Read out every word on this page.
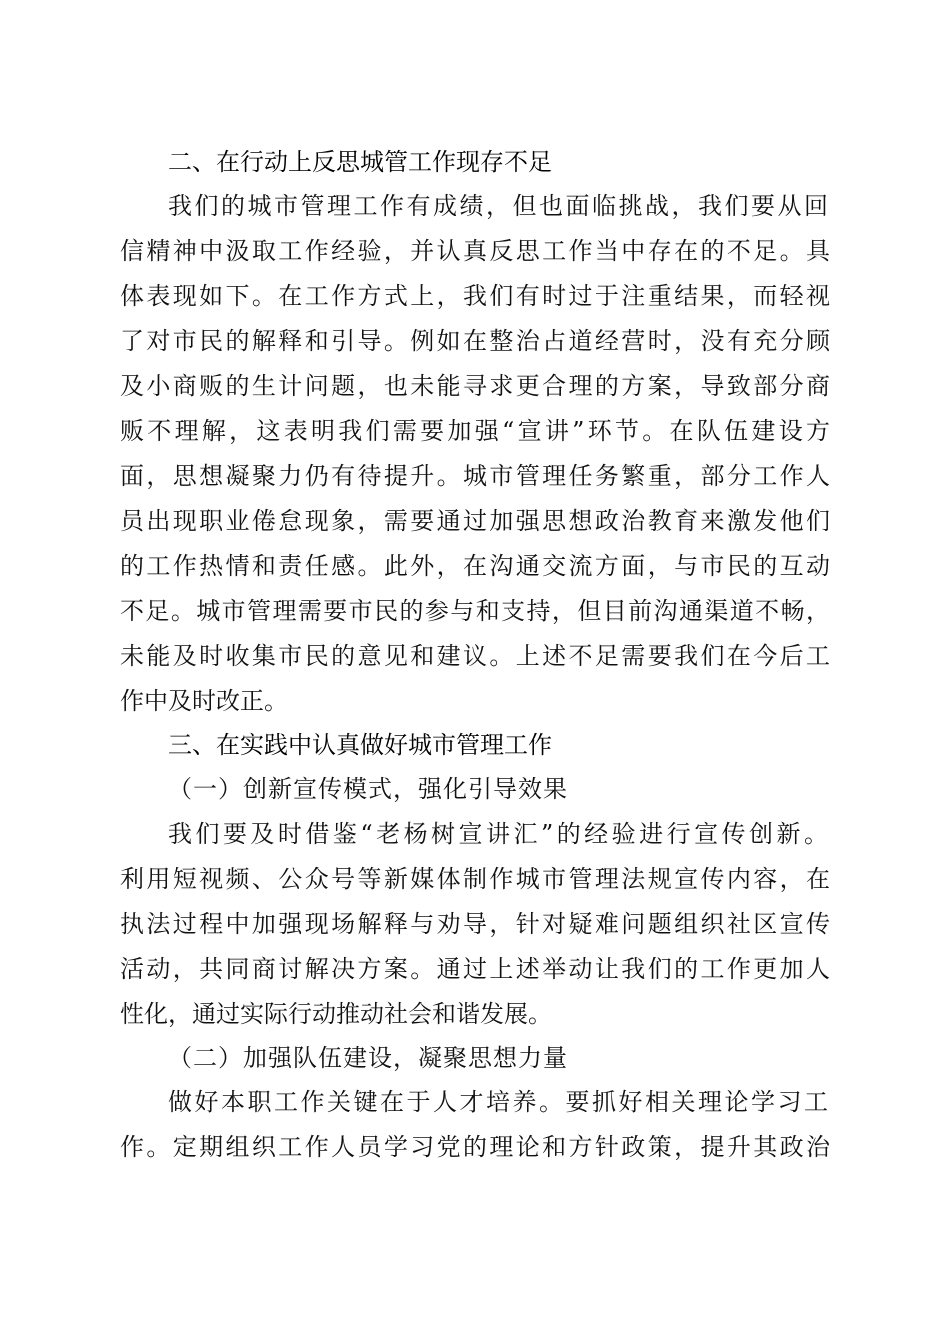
二、在行动上反思城管工作现存不足
我们的城市管理工作有成绩，但也面临挑战，我们要从回
信精神中汲取工作经验，并认真反思工作当中存在的不足。具
体表现如下。在工作方式上，我们有时过于注重结果，而轻视
了对市民的解释和引导。例如在整治占道经营时，没有充分顾
及小商贩的生计问题，也未能寻求更合理的方案，导致部分商
贩不理解，这表明我们需要加强“宣讲”环节。在队伍建设方
面，思想凝聚力仍有待提升。城市管理任务繁重，部分工作人
员出现职业倦怠现象，需要通过加强思想政治教育来激发他们
的工作热情和责任感。此外，在沟通交流方面，与市民的互动
不足。城市管理需要市民的参与和支持，但目前沟通渠道不畅，
未能及时收集市民的意见和建议。上述不足需要我们在今后工
作中及时改正。
三、在实践中认真做好城市管理工作
（一）创新宣传模式，强化引导效果
我们要及时借鉴“老杨树宣讲汇”的经验进行宣传创新。
利用短视频、公众号等新媒体制作城市管理法规宣传内容，在
执法过程中加强现场解释与劝导，针对疑难问题组织社区宣传
活动，共同商讨解决方案。通过上述举动让我们的工作更加人
性化，通过实际行动推动社会和谐发展。
（二）加强队伍建设，凝聚思想力量
做好本职工作关键在于人才培养。要抓好相关理论学习工
作。定期组织工作人员学习党的理论和方针政策，提升其政治
